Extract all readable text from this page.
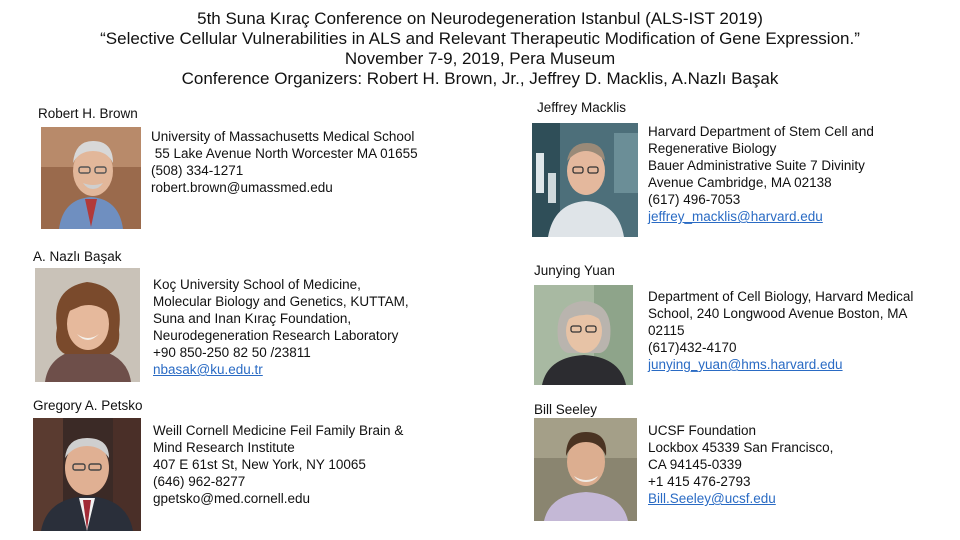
5th Suna Kıraç Conference on Neurodegeneration Istanbul (ALS-IST 2019)
“Selective Cellular Vulnerabilities in ALS and Relevant Therapeutic Modification of Gene Expression.”
November 7-9, 2019, Pera Museum
Conference Organizers: Robert H. Brown, Jr., Jeffrey D. Macklis, A.Nazlı Başak
Robert H. Brown
University of Massachusetts Medical School
55 Lake Avenue North Worcester MA 01655
(508) 334-1271
robert.brown@umassmed.edu
A. Nazlı Başak
Koç University School of Medicine,
Molecular Biology and Genetics, KUTTAM,
Suna and Inan Kıraç Foundation,
Neurodegeneration Research Laboratory
+90 850-250 82 50 /23811
nbasak@ku.edu.tr
Gregory A. Petsko
Weill Cornell Medicine Feil Family Brain &
Mind Research Institute
407 E 61st St, New York, NY 10065
(646) 962-8277
gpetsko@med.cornell.edu
Jeffrey Macklis
Harvard Department of Stem Cell and
Regenerative Biology
Bauer Administrative Suite 7 Divinity
Avenue Cambridge, MA 02138
(617) 496-7053
jeffrey_macklis@harvard.edu
Junying Yuan
Department of Cell Biology, Harvard Medical
School, 240 Longwood Avenue Boston, MA
02115
(617)432-4170
junying_yuan@hms.harvard.edu
Bill Seeley
UCSF Foundation
Lockbox 45339 San Francisco,
CA 94145-0339
+1 415 476-2793
Bill.Seeley@ucsf.edu
